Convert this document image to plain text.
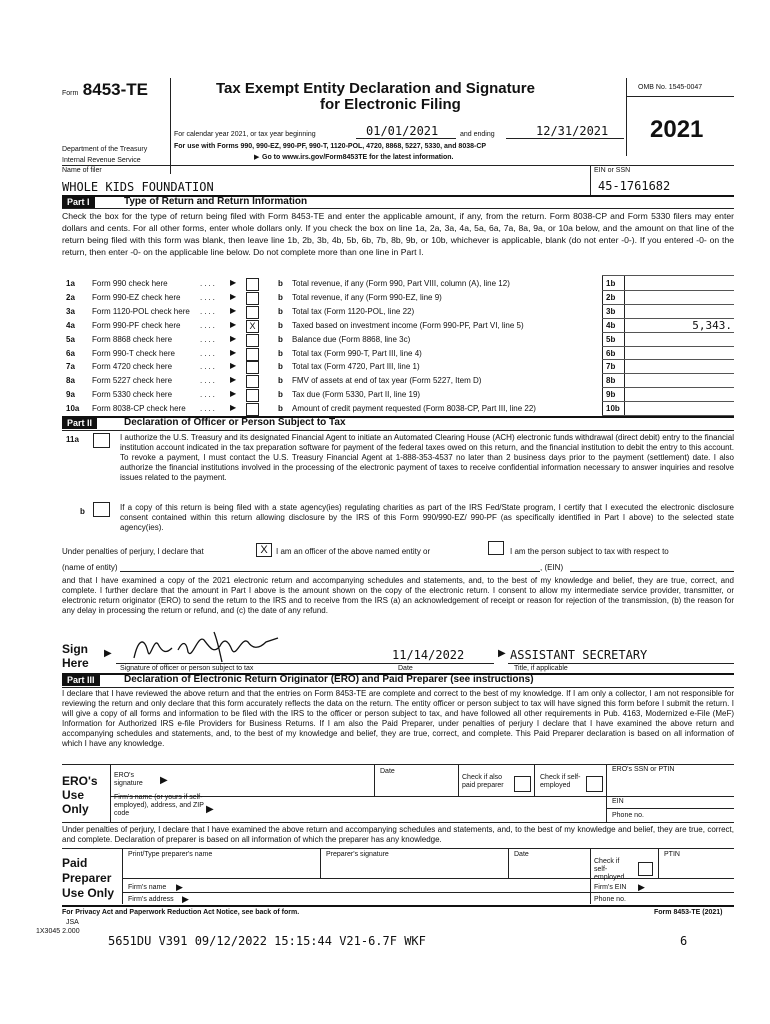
Form 8453-TE	Tax Exempt Entity Declaration and Signature
for Electronic Filing
OMB No. 1545-0047
2021
For calendar year 2021, or tax year beginning	01/01/2021	and ending	12/31/2021
Department of the Treasury
Internal Revenue Service
For use with Forms 990, 990-EZ, 990-PF, 990-T, 1120-POL, 4720, 8868, 5227, 5330, and 8038-CP
Go to www.irs.gov/Form8453TE for the latest information.
▶
Name of filer	EIN or SSN
WHOLE KIDS FOUNDATION	45-1761682
Part I	Type of Return and Return Information
Check the box for the type of return being filed with Form 8453-TE and enter the applicable amount, if any, from the return. Form 8038-CP and Form 5330 filers may enter dollars and cents. For all other forms, enter whole dollars only. If you check the box on line 1a, 2a, 3a, 4a, 5a, 6a, 7a, 8a, 9a, or 10a below, and the amount on that line of the return being filed with this form was blank, then leave line 1b, 2b, 3b, 4b, 5b, 6b, 7b, 8b, 9b, or 10b, whichever is applicable, blank (do not enter -0-). If you entered -0- on the return, then enter -0- on the applicable line below. Do not complete more than one line in Part I.
1a Form 990 check here	.... ▶	b Total revenue, if any (Form 990, Part VIII, column (A), line 12)	1b
2a Form 990-EZ check here .... ▶	b Total revenue, if any (Form 990-EZ, line 9)	2b
3a Form 1120-POL check here .... ▶	b Total tax (Form 1120-POL, line 22)	3b
4a Form 990-PF check here .... ▶	X	b Taxed based on investment income (Form 990-PF, Part VI, line 5)	4b	5,343.
5a Form 8868 check here	.... ▶	b Balance due (Form 8868, line 3c)	5b
6a Form 990-T check here	.... ▶	b Total tax (Form 990-T, Part III, line 4)	6b
7a Form 4720 check here	.... ▶	b Total tax (Form 4720, Part III, line 1)	7b
8a Form 5227 check here	.... ▶	b FMV of assets at end of tax year (Form 5227, Item D)	8b
9a Form 5330 check here	.... ▶	b Tax due (Form 5330, Part II, line 19)	9b
10a Form 8038-CP check here .... ▶	b Amount of credit payment requested (Form 8038-CP, Part III, line 22)	10b
Part II	Declaration of Officer or Person Subject to Tax
11a	I authorize the U.S. Treasury and its designated Financial Agent to initiate an Automated Clearing House (ACH) electronic funds withdrawal (direct debit) entry to the financial institution account indicated in the tax preparation software for payment of the federal taxes owed on this return, and the financial institution to debit the entry to this account. To revoke a payment, I must contact the U.S. Treasury Financial Agent at 1-888-353-4537 no later than 2 business days prior to the payment (settlement) date. I also authorize the financial institutions involved in the processing of the electronic payment of taxes to receive confidential information necessary to answer inquiries and resolve issues related to the payment.
b	If a copy of this return is being filed with a state agency(ies) regulating charities as part of the IRS Fed/State program, I certify that I executed the electronic disclosure consent contained within this return allowing disclosure by the IRS of this Form 990/990-EZ/ 990-PF (as specifically identified in Part I above) to the selected state agency(ies).
Under penalties of perjury, I declare that	X	I am an officer of the above named entity or	I am the person subject to tax with respect to
(name of entity)	, (EIN)
and that I have examined a copy of the 2021 electronic return and accompanying schedules and statements, and, to the best of my knowledge and belief, they are true, correct, and complete. I further declare that the amount in Part I above is the amount shown on the copy of the electronic return. I consent to allow my intermediate service provider, transmitter, or electronic return originator (ERO) to send the return to the IRS and to receive from the IRS (a) an acknowledgement of receipt or reason for rejection of the transmission, (b) the reason for any delay in processing the return or refund, and (c) the date of any refund.
Sign
Here
▶
Signature of officer or person subject to tax
11/14/2022
Date
▶ ASSISTANT SECRETARY
Title, if applicable
Part III	Declaration of Electronic Return Originator (ERO) and Paid Preparer (see instructions)
I declare that I have reviewed the above return and that the entries on Form 8453-TE are complete and correct to the best of my knowledge. If I am only a collector, I am not responsible for reviewing the return and only declare that this form accurately reflects the data on the return. The entity officer or person subject to tax will have signed this form before I submit the return. I will give a copy of all forms and information to be filed with the IRS to the officer or person subject to tax, and have followed all other requirements in Pub. 4163, Modernized e-File (MeF) Information for Authorized IRS e-file Providers for Business Returns. If I am also the Paid Preparer, under penalties of perjury I declare that I have examined the above return and accompanying schedules and statements, and, to the best of my knowledge and belief, they are true, correct, and complete. This Paid Preparer declaration is based on all information of which I have any knowledge.
ERO's
Use
Only
ERO's signature	▶
Date
Check if also paid preparer
Check if self-employed
ERO's SSN or PTIN
Firm's name (or yours if self-employed), address, and ZIP code	▶
EIN
Phone no.
Under penalties of perjury, I declare that I have examined the above return and accompanying schedules and statements, and, to the best of my knowledge and belief, they are true, correct, and complete. Declaration of preparer is based on all information of which the preparer has any knowledge.
Paid
Preparer
Use Only
Print/Type preparer's name	Preparer's signature	Date
Check if self-employed
PTIN
Firm's name ▶	Firm's EIN ▶
Firm's address ▶	Phone no.
For Privacy Act and Paperwork Reduction Act Notice, see back of form.
JSA
1X3045 2.000
Form 8453-TE (2021)
5651DU V391 09/12/2022 15:15:44 V21-6.7F WKF	6
